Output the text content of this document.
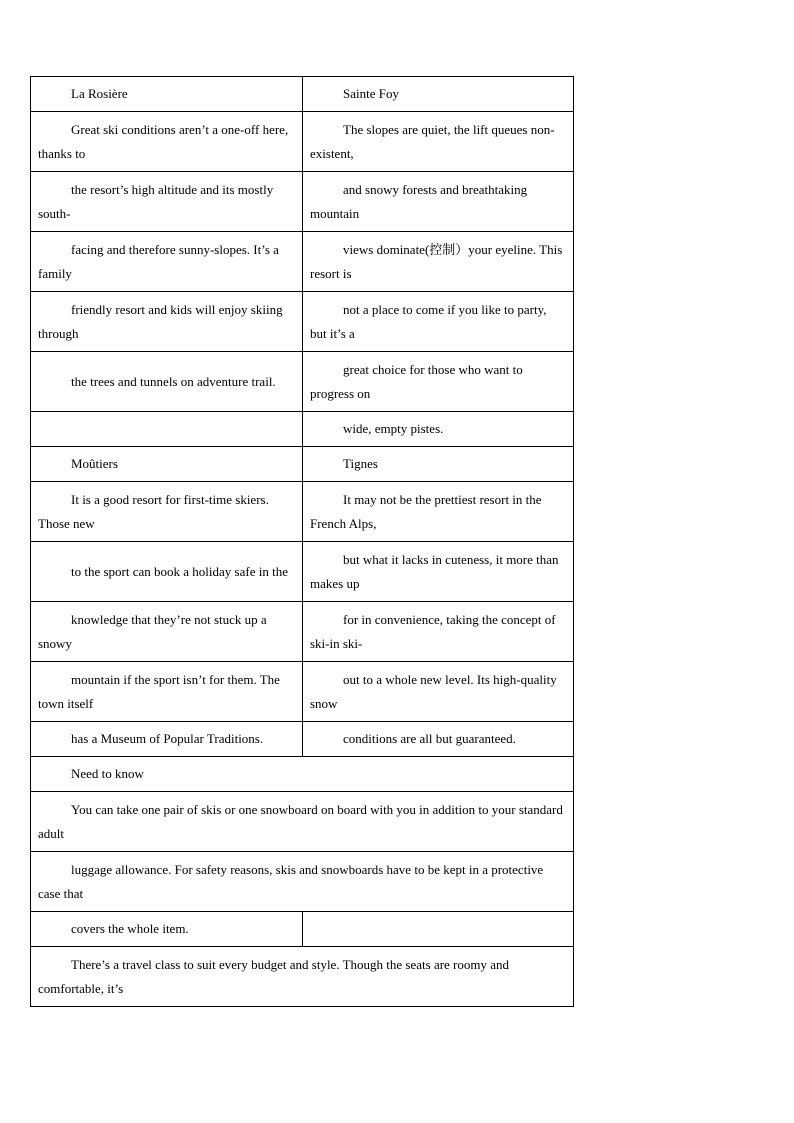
La Rosière	Sainte Foy
Great ski conditions aren’t a one-off here, thanks to	The slopes are quiet, the lift queues non-existent,
the resort’s high altitude and its mostly south-	and snowy forests and breathtaking mountain
facing and therefore sunny-slopes. It’s a family	views dominate(控制）your eyeline. This resort is
friendly resort and kids will enjoy skiing through	not a place to come if you like to party, but it’s a
the trees and tunnels on adventure trail.	great choice for those who want to progress on
	wide, empty pistes.
Moûtiers	Tignes
It is a good resort for first-time skiers. Those new	It may not be the prettiest resort in the French Alps,
to the sport can book a holiday safe in the	but what it lacks in cuteness, it more than makes up
knowledge that they’re not stuck up a snowy	for in convenience, taking the concept of ski-in ski-
mountain if the sport isn’t for them. The town itself	out to a whole new level. Its high-quality snow
has a Museum of Popular Traditions.	conditions are all but guaranteed.
Need to know	
You can take one pair of skis or one snowboard on board with you in addition to your standard adult	
luggage allowance. For safety reasons, skis and snowboards have to be kept in a protective case that	
covers the whole item.	
There’s a travel class to suit every budget and style. Though the seats are roomy and comfortable, it’s	
